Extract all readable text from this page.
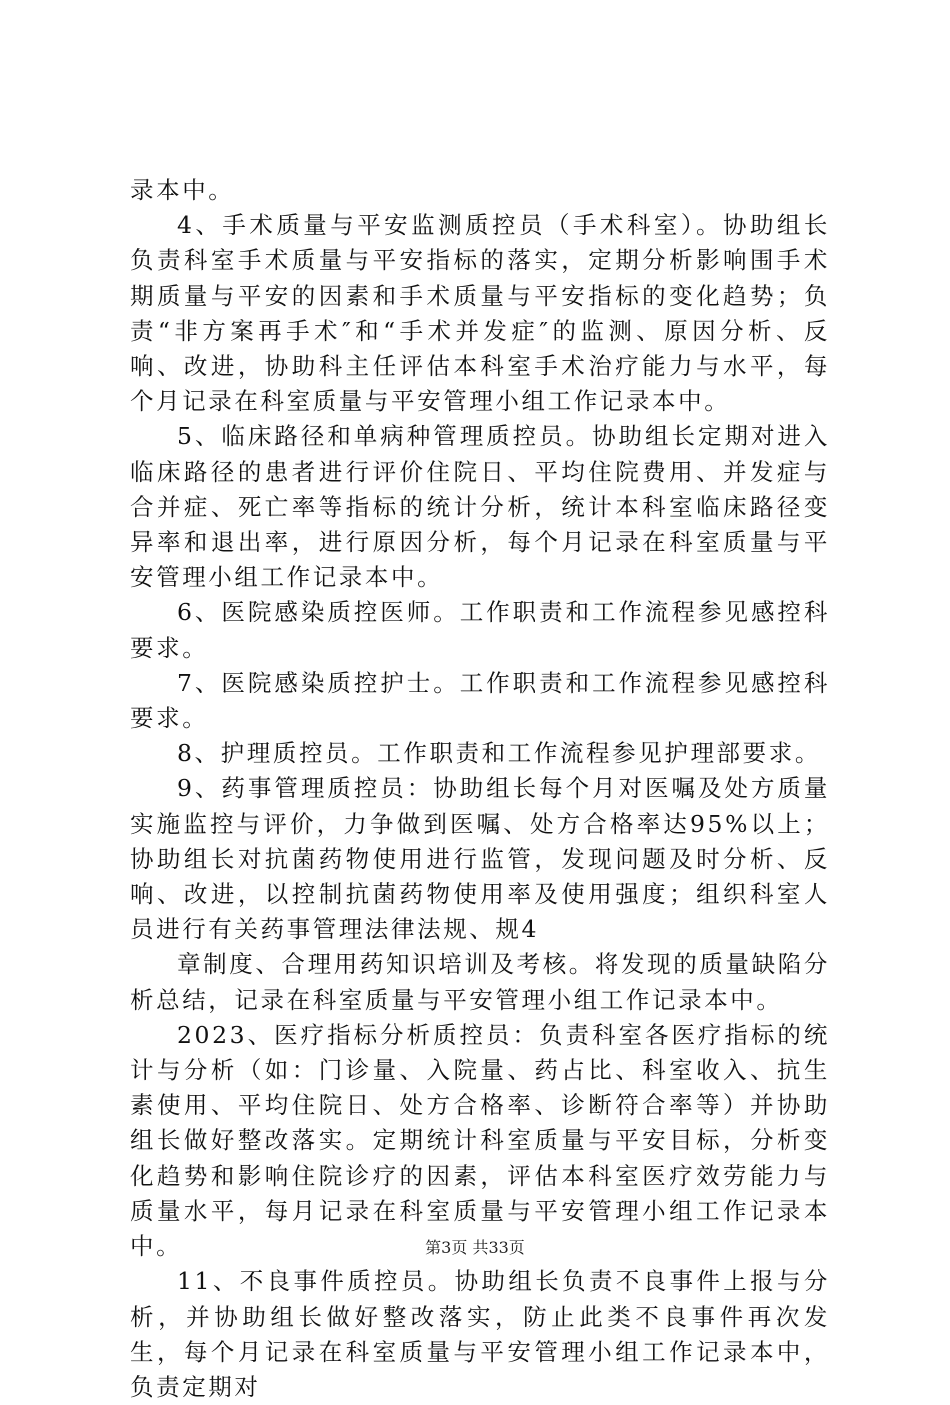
录本中。

4、手术质量与平安监测质控员（手术科室）。协助组长负责科室手术质量与平安指标的落实，定期分析影响围手术期质量与平安的因素和手术质量与平安指标的变化趋势；负责“非方案再手术″和“手术并发症″的监测、原因分析、反响、改进，协助科主任评估本科室手术治疗能力与水平，每个月记录在科室质量与平安管理小组工作记录本中。

5、临床路径和单病种管理质控员。协助组长定期对进入临床路径的患者进行评价住院日、平均住院费用、并发症与合并症、死亡率等指标的统计分析，统计本科室临床路径变异率和退出率，进行原因分析，每个月记录在科室质量与平安管理小组工作记录本中。

6、医院感染质控医师。工作职责和工作流程参见感控科要求。

7、医院感染质控护士。工作职责和工作流程参见感控科要求。

8、护理质控员。工作职责和工作流程参见护理部要求。

9、药事管理质控员：协助组长每个月对医嘱及处方质量实施监控与评价，力争做到医嘱、处方合格率达95%以上；协助组长对抗菌药物使用进行监管，发现问题及时分析、反响、改进，以控制抗菌药物使用率及使用强度；组织科室人员进行有关药事管理法律法规、规4

章制度、合理用药知识培训及考核。将发现的质量缺陷分析总结，记录在科室质量与平安管理小组工作记录本中。

2023、医疗指标分析质控员：负责科室各医疗指标的统计与分析（如：门诊量、入院量、药占比、科室收入、抗生素使用、平均住院日、处方合格率、诊断符合率等）并协助组长做好整改落实。定期统计科室质量与平安目标，分析变化趋势和影响住院诊疗的因素，评估本科室医疗效劳能力与质量水平，每月记录在科室质量与平安管理小组工作记录本中。

11、不良事件质控员。协助组长负责不良事件上报与分析，并协助组长做好整改落实，防止此类不良事件再次发生，每个月记录在科室质量与平安管理小组工作记录本中，负责定期对

第3页 共33页
